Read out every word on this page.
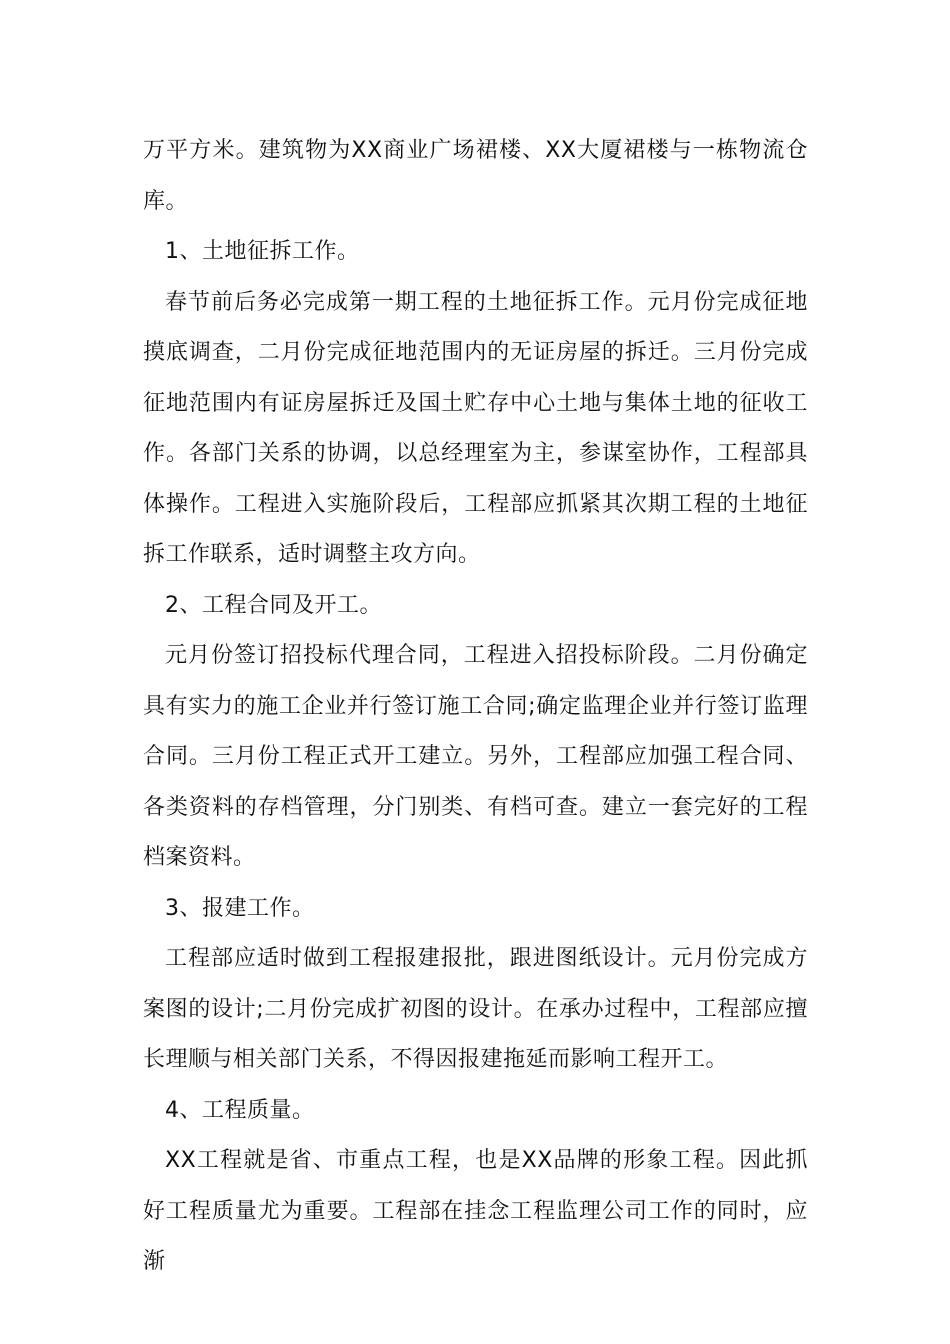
万平方米。建筑物为XX商业广场裙楼、XX大厦裙楼与一栋物流仓库。

1、土地征拆工作。

春节前后务必完成第一期工程的土地征拆工作。元月份完成征地摸底调查，二月份完成征地范围内的无证房屋的拆迁。三月份完成征地范围内有证房屋拆迁及国土贮存中心土地与集体土地的征收工作。各部门关系的协调，以总经理室为主，参谋室协作，工程部具体操作。工程进入实施阶段后，工程部应抓紧其次期工程的土地征拆工作联系，适时调整主攻方向。

2、工程合同及开工。

元月份签订招投标代理合同，工程进入招投标阶段。二月份确定具有实力的施工企业并行签订施工合同;确定监理企业并行签订监理合同。三月份工程正式开工建立。另外，工程部应加强工程合同、各类资料的存档管理，分门别类、有档可查。建立一套完好的工程档案资料。

3、报建工作。

工程部应适时做到工程报建报批，跟进图纸设计。元月份完成方案图的设计;二月份完成扩初图的设计。在承办过程中，工程部应擅长理顺与相关部门关系，不得因报建拖延而影响工程开工。

4、工程质量。

XX工程就是省、市重点工程，也是XX品牌的形象工程。因此抓好工程质量尤为重要。工程部在挂念工程监理公司工作的同时，应渐
